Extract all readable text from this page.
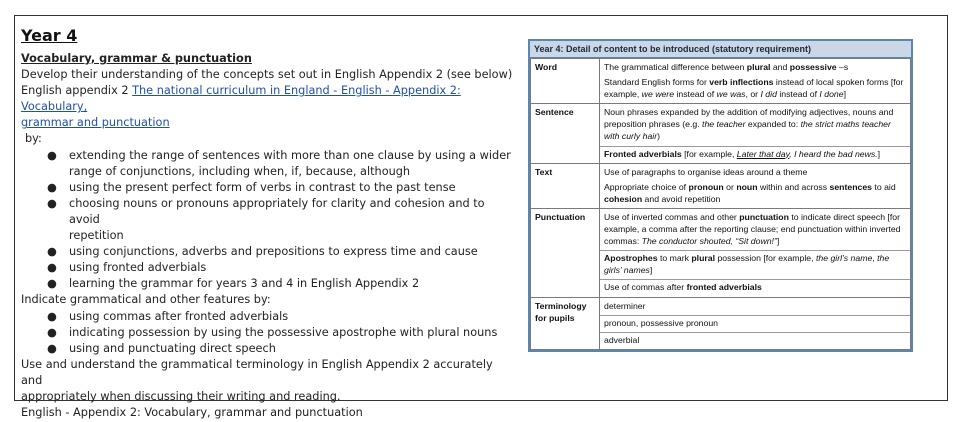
Year 4
Vocabulary, grammar & punctuation
Develop their understanding of the concepts set out in English Appendix 2 (see below)
English appendix 2 The national curriculum in England - English - Appendix 2: Vocabulary,
grammar and punctuation
by:
● extending the range of sentences with more than one clause by using a wider
range of conjunctions, including when, if, because, although
● using the present perfect form of verbs in contrast to the past tense
● choosing nouns or pronouns appropriately for clarity and cohesion and to avoid
repetition
● using conjunctions, adverbs and prepositions to express time and cause
● using fronted adverbials
● learning the grammar for years 3 and 4 in English Appendix 2
Indicate grammatical and other features by:
● using commas after fronted adverbials
● indicating possession by using the possessive apostrophe with plural nouns
● using and punctuating direct speech
Use and understand the grammatical terminology in English Appendix 2 accurately and
appropriately when discussing their writing and reading.
English - Appendix 2: Vocabulary, grammar and punctuation
Year 4: Detail of content to be introduced (statutory requirement)
Word	The grammatical difference between plural and possessive –s
Standard English forms for verb inflections instead of local spoken forms [for example, we were instead of we was, or I did instead of I done]

Sentence	Noun phrases expanded by the addition of modifying adjectives, nouns and preposition phrases (e.g. the teacher expanded to: the strict maths teacher with curly hair)
Fronted adverbials [for example, Later that day, I heard the bad news.]

Text	Use of paragraphs to organise ideas around a theme
Appropriate choice of pronoun or noun within and across sentences to aid cohesion and avoid repetition

Punctuation	Use of inverted commas and other punctuation to indicate direct speech [for example, a comma after the reporting clause; end punctuation within inverted commas: The conductor shouted, “Sit down!”]
Apostrophes to mark plural possession [for example, the girl’s name, the girls’ names]
Use of commas after fronted adverbials

Terminology for pupils	determiner
pronoun, possessive pronoun
adverbial
